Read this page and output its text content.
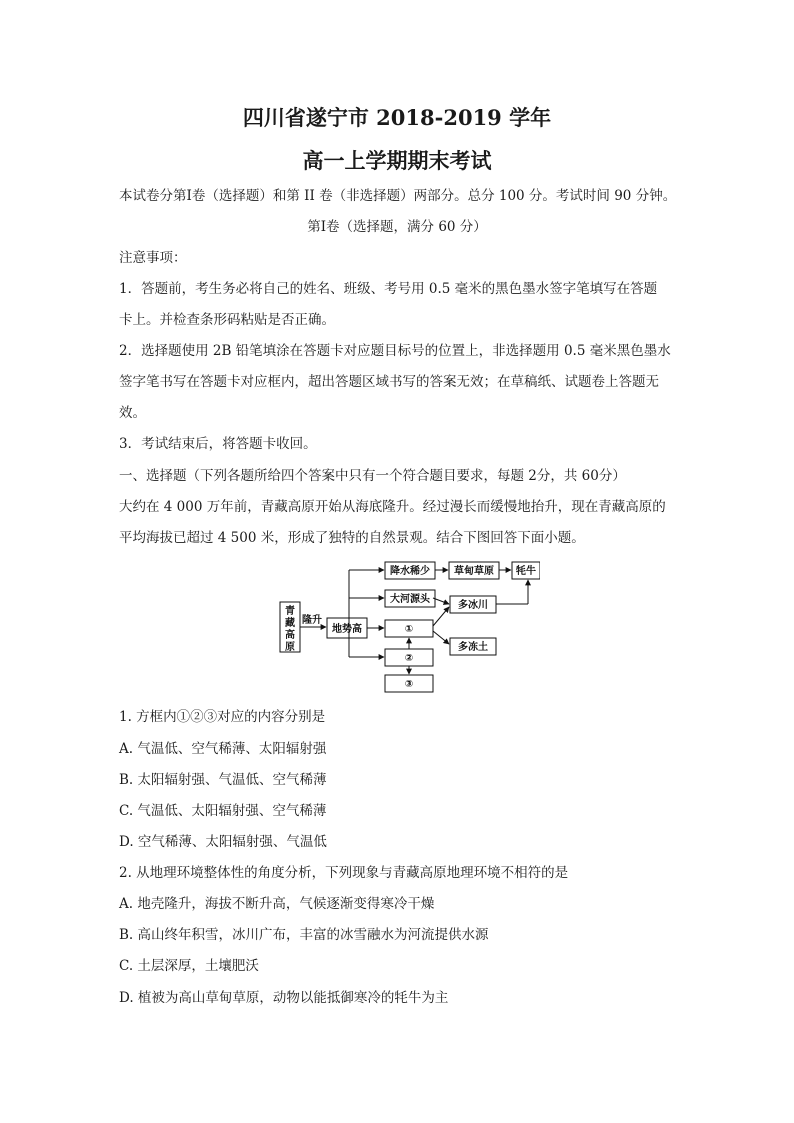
四川省遂宁市 2018-2019 学年
高一上学期期末考试
本试卷分第Ⅰ卷（选择题）和第 II 卷（非选择题）两部分。总分 100 分。考试时间 90 分钟。
第Ⅰ卷（选择题，满分 60 分）
注意事项：
1．答题前，考生务必将自己的姓名、班级、考号用 0.5 毫米的黑色墨水签字笔填写在答题
卡上。并检查条形码粘贴是否正确。
2．选择题使用 2B 铅笔填涂在答题卡对应题目标号的位置上，非选择题用 0.5 毫米黑色墨水
签字笔书写在答题卡对应框内，超出答题区域书写的答案无效；在草稿纸、试题卷上答题无
效。
3．考试结束后，将答题卡收回。
一、选择题（下列各题所给四个答案中只有一个符合题目要求，每题 2分，共 60分）
大约在 4 000 万年前，青藏高原开始从海底隆升。经过漫长而缓慢地抬升，现在青藏高原的
平均海拔已超过 4 500 米，形成了独特的自然景观。结合下图回答下面小题。
青
藏
高
原
隆升
地势高
降水稀少 草甸草原 牦牛
大河源头
多冰川
多冻土
①
②
③
1. 方框内①②③对应的内容分别是
A. 气温低、空气稀薄、太阳辐射强
B. 太阳辐射强、气温低、空气稀薄
C. 气温低、太阳辐射强、空气稀薄
D. 空气稀薄、太阳辐射强、气温低
2. 从地理环境整体性的角度分析，下列现象与青藏高原地理环境不相符的是
A. 地壳隆升，海拔不断升高，气候逐渐变得寒冷干燥
B. 高山终年积雪，冰川广布，丰富的冰雪融水为河流提供水源
C. 土层深厚，土壤肥沃
D. 植被为高山草甸草原，动物以能抵御寒冷的牦牛为主
